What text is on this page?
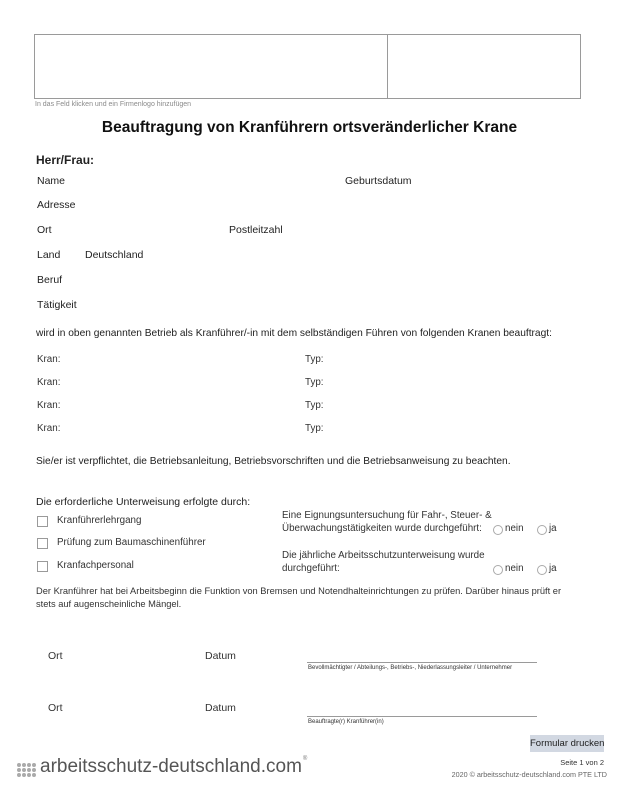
In das Feld klicken und ein Firmenlogo hinzufügen
Beauftragung von Kranführern ortsveränderlicher Krane
Herr/Frau:
Name	Geburtsdatum
Adresse
Ort	Postleitzahl
Land Deutschland
Beruf
Tätigkeit
wird in oben genannten Betrieb als Kranführer/-in mit dem selbständigen Führen von folgenden Kranen beauftragt:
Kran:	Typ:
Kran:	Typ:
Kran:	Typ:
Kran:	Typ:
Sie/er ist verpflichtet, die Betriebsanleitung, Betriebsvorschriften und die Betriebsanweisung zu beachten.
Die erforderliche Unterweisung erfolgte durch:
Kranführerlehrgang
Prüfung zum Baumaschinenführer
Kranfachpersonal
Eine Eignungsuntersuchung für Fahr-, Steuer- &
Überwachungstätigkeiten wurde durchgeführt:	nein	ja
Die jährliche Arbeitsschutzunterweisung wurde
durchgeführt:	nein	ja
Der Kranführer hat bei Arbeitsbeginn die Funktion von Bremsen und Notendhalteinrichtungen zu prüfen. Darüber hinaus prüft er stets auf augenscheinliche Mängel.
Ort	Datum
Bevollmächtigter / Abteilungs-, Betriebs-, Niederlassungsleiter / Unternehmer
Ort	Datum
Beauftragte(r) Kranführer(in)
Formular drucken
arbeitsschutz-deutschland.com®	Seite 1 von 2
2020 © arbeitsschutz-deutschland.com PTE LTD
